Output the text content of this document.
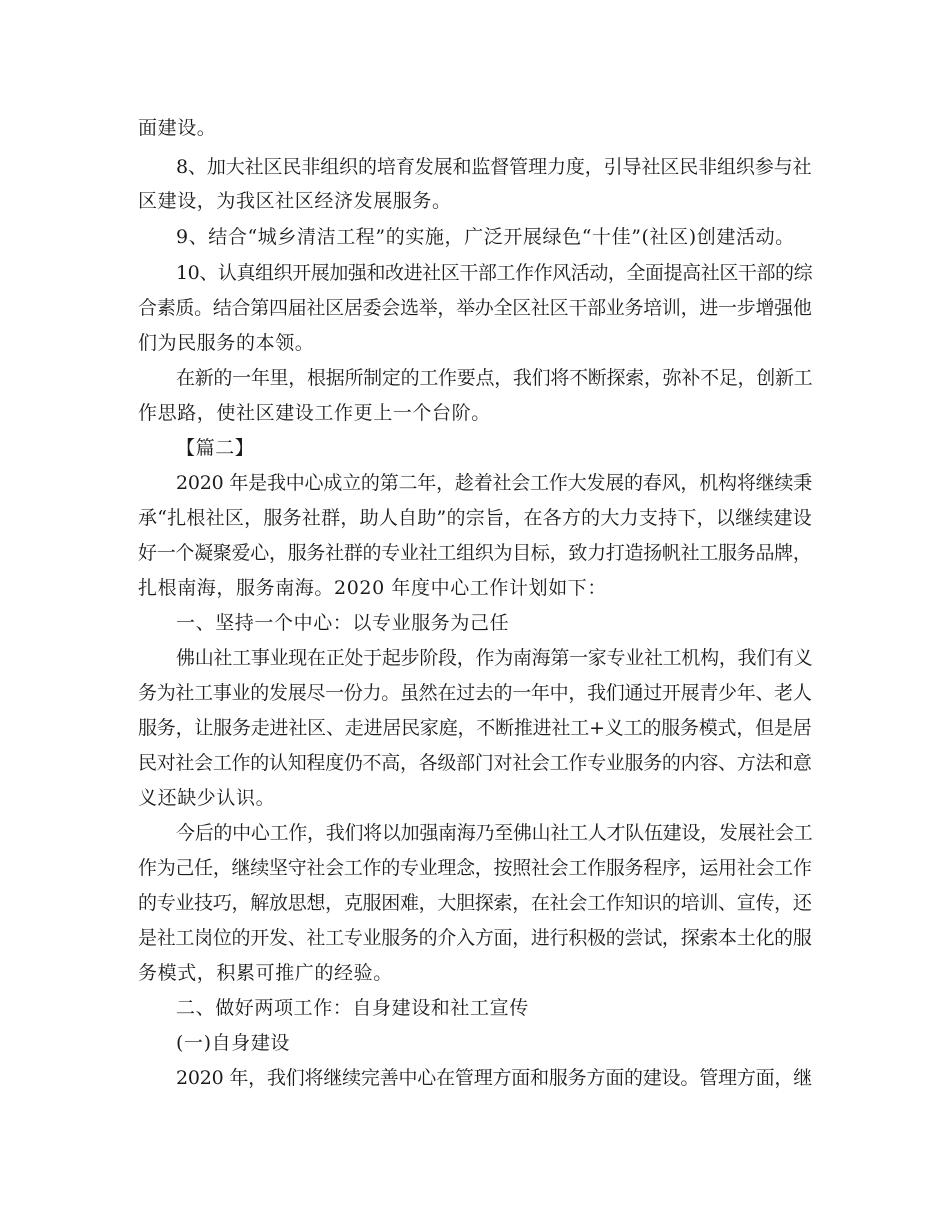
面建设。
8、加大社区民非组织的培育发展和监督管理力度，引导社区民非组织参与社
区建设，为我区社区经济发展服务。
9、结合“城乡清洁工程”的实施，广泛开展绿色“十佳”(社区)创建活动。
10、认真组织开展加强和改进社区干部工作作风活动，全面提高社区干部的综
合素质。结合第四届社区居委会选举，举办全区社区干部业务培训，进一步增强他
们为民服务的本领。
在新的一年里，根据所制定的工作要点，我们将不断探索，弥补不足，创新工
作思路，使社区建设工作更上一个台阶。
【篇二】
2020 年是我中心成立的第二年，趁着社会工作大发展的春风，机构将继续秉
承“扎根社区，服务社群，助人自助”的宗旨，在各方的大力支持下，以继续建设
好一个凝聚爱心，服务社群的专业社工组织为目标，致力打造扬帆社工服务品牌，
扎根南海，服务南海。2020 年度中心工作计划如下：
一、坚持一个中心：以专业服务为己任
佛山社工事业现在正处于起步阶段，作为南海第一家专业社工机构，我们有义
务为社工事业的发展尽一份力。虽然在过去的一年中，我们通过开展青少年、老人
服务，让服务走进社区、走进居民家庭，不断推进社工+义工的服务模式，但是居
民对社会工作的认知程度仍不高，各级部门对社会工作专业服务的内容、方法和意
义还缺少认识。
今后的中心工作，我们将以加强南海乃至佛山社工人才队伍建设，发展社会工
作为己任，继续坚守社会工作的专业理念，按照社会工作服务程序，运用社会工作
的专业技巧，解放思想，克服困难，大胆探索，在社会工作知识的培训、宣传，还
是社工岗位的开发、社工专业服务的介入方面，进行积极的尝试，探索本土化的服
务模式，积累可推广的经验。
二、做好两项工作：自身建设和社工宣传
(一)自身建设
2020 年，我们将继续完善中心在管理方面和服务方面的建设。管理方面，继
